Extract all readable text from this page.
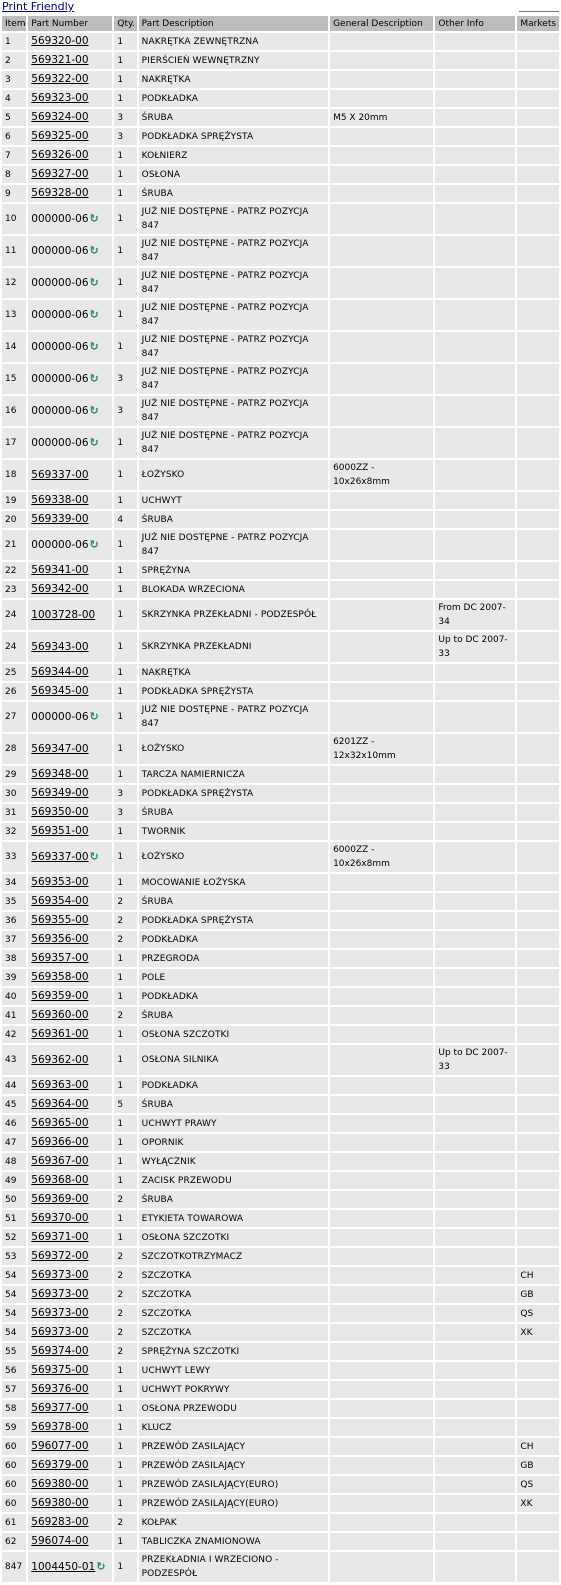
Print Friendly
Item	Part Number	Qty.	Part Description	General Description	Other Info	Markets
1	569320-00	1	NAKRĘTKA ZEWNĘTRZNA			
2	569321-00	1	PIERŚCIEŃ WEWNĘTRZNY			
3	569322-00	1	NAKRĘTKA			
4	569323-00	1	PODKŁADKA			
5	569324-00	3	ŚRUBA	M5 X 20mm		
6	569325-00	3	PODKŁADKA SPRĘŻYSTA			
7	569326-00	1	KOŁNIERZ			
8	569327-00	1	OSŁONA			
9	569328-00	1	ŚRUBA			
10	000000-06↻	1	JUŻ NIE DOSTĘPNE - PATRZ POZYCJA 847			
11	000000-06↻	1	JUŻ NIE DOSTĘPNE - PATRZ POZYCJA 847			
12	000000-06↻	1	JUŻ NIE DOSTĘPNE - PATRZ POZYCJA 847			
13	000000-06↻	1	JUŻ NIE DOSTĘPNE - PATRZ POZYCJA 847			
14	000000-06↻	1	JUŻ NIE DOSTĘPNE - PATRZ POZYCJA 847			
15	000000-06↻	3	JUŻ NIE DOSTĘPNE - PATRZ POZYCJA 847			
16	000000-06↻	3	JUŻ NIE DOSTĘPNE - PATRZ POZYCJA 847			
17	000000-06↻	1	JUŻ NIE DOSTĘPNE - PATRZ POZYCJA 847			
18	569337-00	1	ŁOŻYSKO	6000ZZ - 10x26x8mm		
19	569338-00	1	UCHWYT			
20	569339-00	4	ŚRUBA			
21	000000-06↻	1	JUŻ NIE DOSTĘPNE - PATRZ POZYCJA 847			
22	569341-00	1	SPRĘŻYNA			
23	569342-00	1	BLOKADA WRZECIONA			
24	1003728-00	1	SKRZYNKA PRZEKŁADNI - PODZESPÓŁ		From DC 2007-34	
24	569343-00	1	SKRZYNKA PRZEKŁADNI		Up to DC 2007-33	
25	569344-00	1	NAKRĘTKA			
26	569345-00	1	PODKŁADKA SPRĘŻYSTA			
27	000000-06↻	1	JUŻ NIE DOSTĘPNE - PATRZ POZYCJA 847			
28	569347-00	1	ŁOŻYSKO	6201ZZ - 12x32x10mm		
29	569348-00	1	TARCZA NAMIERNICZA			
30	569349-00	3	PODKŁADKA SPRĘŻYSTA			
31	569350-00	3	ŚRUBA			
32	569351-00	1	TWORNIK			
33	569337-00↻	1	ŁOŻYSKO	6000ZZ - 10x26x8mm		
34	569353-00	1	MOCOWANIE ŁOŻYSKA			
35	569354-00	2	ŚRUBA			
36	569355-00	2	PODKŁADKA SPRĘŻYSTA			
37	569356-00	2	PODKŁADKA			
38	569357-00	1	PRZEGRODA			
39	569358-00	1	POLE			
40	569359-00	1	PODKŁADKA			
41	569360-00	2	ŚRUBA			
42	569361-00	1	OSŁONA SZCZOTKI			
43	569362-00	1	OSŁONA SILNIKA		Up to DC 2007-33	
44	569363-00	1	PODKŁADKA			
45	569364-00	5	ŚRUBA			
46	569365-00	1	UCHWYT PRAWY			
47	569366-00	1	OPORNIK			
48	569367-00	1	WYŁĄCZNIK			
49	569368-00	1	ZACISK PRZEWODU			
50	569369-00	2	ŚRUBA			
51	569370-00	1	ETYKIETA TOWAROWA			
52	569371-00	1	OSŁONA SZCZOTKI			
53	569372-00	2	SZCZOTKOTRZYMACZ			
54	569373-00	2	SZCZOTKA			CH
54	569373-00	2	SZCZOTKA			GB
54	569373-00	2	SZCZOTKA			QS
54	569373-00	2	SZCZOTKA			XK
55	569374-00	2	SPRĘŻYNA SZCZOTKI			
56	569375-00	1	UCHWYT LEWY			
57	569376-00	1	UCHWYT POKRYWY			
58	569377-00	1	OSŁONA PRZEWODU			
59	569378-00	1	KLUCZ			
60	596077-00	1	PRZEWÓD ZASILAJĄCY			CH
60	569379-00	1	PRZEWÓD ZASILAJĄCY			GB
60	569380-00	1	PRZEWÓD ZASILAJĄCY(EURO)			QS
60	569380-00	1	PRZEWÓD ZASILAJĄCY(EURO)			XK
61	569283-00	2	KOŁPAK			
62	596074-00	1	TABLICZKA ZNAMIONOWA			
847	1004450-01↻	1	PRZEKŁADNIA I WRZECIONO - PODZESPÓŁ			
